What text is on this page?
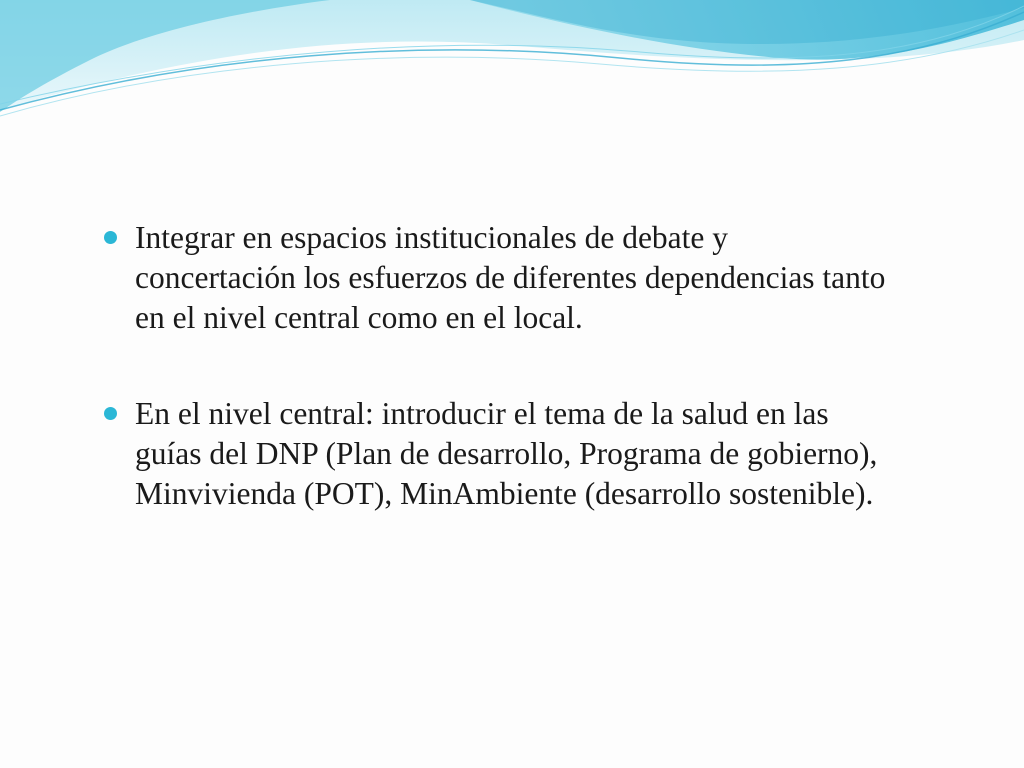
Integrar en espacios institucionales de debate y concertación los esfuerzos de diferentes dependencias tanto en el nivel central como en el local.
En el nivel central: introducir el tema de la salud en las guías del DNP (Plan de desarrollo, Programa de gobierno), Minvivienda (POT), MinAmbiente (desarrollo sostenible).
